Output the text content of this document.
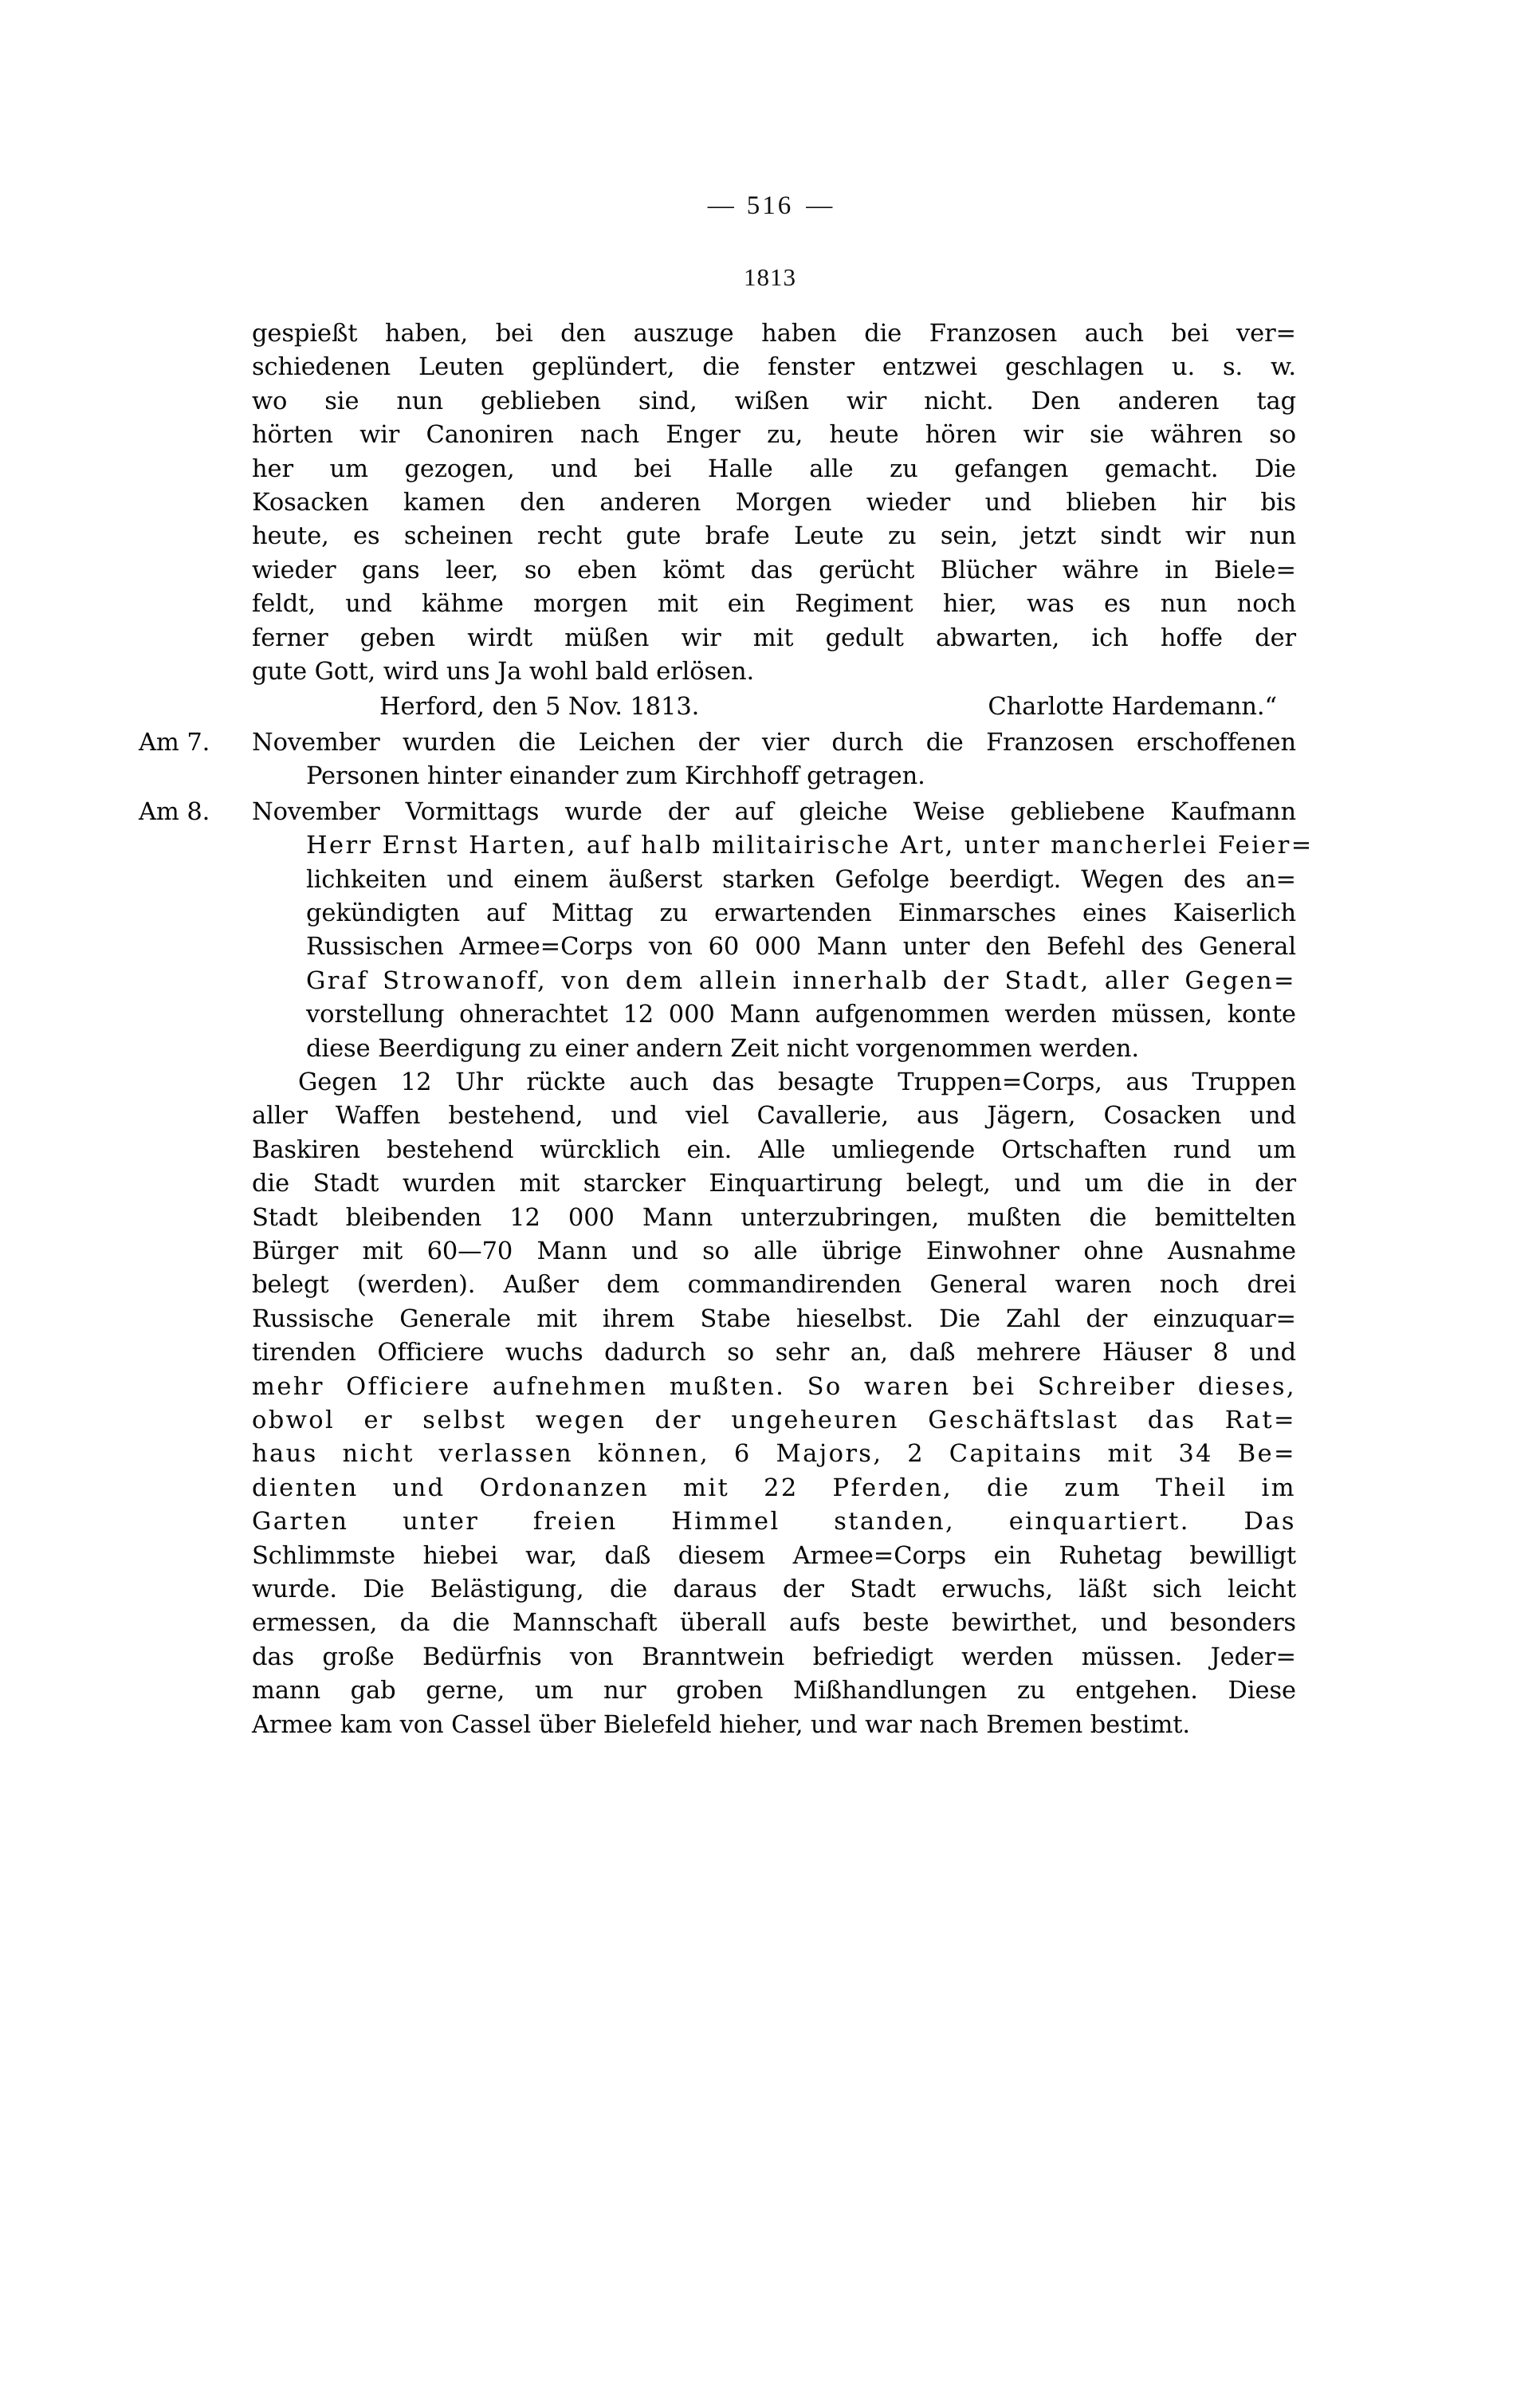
— 516 —
1813

gespießt haben, bei den auszuge haben die Franzosen auch bei ver=
schiedenen Leuten geplündert, die fenster entzwei geschlagen u. s. w.
wo sie nun geblieben sind, wißen wir nicht. Den anderen tag
hörten wir Canoniren nach Enger zu, heute hören wir sie währen so
her um gezogen, und bei Halle alle zu gefangen gemacht. Die
Kosacken kamen den anderen Morgen wieder und blieben hir bis
heute, es scheinen recht gute brafe Leute zu sein, jetzt sindt wir nun
wieder gans leer, so eben kömt das gerücht Blücher währe in Biele=
feldt, und kähme morgen mit ein Regiment hier, was es nun noch
ferner geben wirdt müßen wir mit gedult abwarten, ich hoffe der
gute Gott, wird uns Ja wohl bald erlösen.

Herford, den 5 Nov. 1813.	Charlotte Hardemann.“
Am 7. November wurden die Leichen der vier durch die Franzosen erschoffenen
Personen hinter einander zum Kirchhoff getragen.
Am 8. November Vormittags wurde der auf gleiche Weise gebliebene Kaufmann
Herr Ernst Harten, auf halb militairische Art, unter mancherlei Feier=
lichkeiten und einem äußerst starken Gefolge beerdigt. Wegen des an=
gekündigten auf Mittag zu erwartenden Einmarsches eines Kaiserlich
Russischen Armee=Corps von 60 000 Mann unter den Befehl des General
Graf Strowanoff, von dem allein innerhalb der Stadt, aller Gegen=
vorstellung ohnerachtet 12 000 Mann aufgenommen werden müssen, konte
diese Beerdigung zu einer andern Zeit nicht vorgenommen werden.

Gegen 12 Uhr rückte auch das besagte Truppen=Corps, aus Truppen
aller Waffen bestehend, und viel Cavallerie, aus Jägern, Cosacken und
Baskiren bestehend würcklich ein. Alle umliegende Ortschaften rund um
die Stadt wurden mit starcker Einquartirung belegt, und um die in der
Stadt bleibenden 12 000 Mann unterzubringen, mußten die bemittelten
Bürger mit 60—70 Mann und so alle übrige Einwohner ohne Ausnahme
belegt (werden). Außer dem commandirenden General waren noch drei
Russische Generale mit ihrem Stabe hieselbst. Die Zahl der einzuquar=
tirenden Officiere wuchs dadurch so sehr an, daß mehrere Häuser 8 und
mehr Officiere aufnehmen mußten. So waren bei Schreiber dieses,
obwol er selbst wegen der ungeheuren Geschäftslast das Rat=
haus nicht verlassen können, 6 Majors, 2 Capitains mit 34 Be=
dienten und Ordonanzen mit 22 Pferden, die zum Theil im
Garten unter freien Himmel standen, einquartiert. Das
Schlimmste hiebei war, daß diesem Armee=Corps ein Ruhetag bewilligt
wurde. Die Belästigung, die daraus der Stadt erwuchs, läßt sich leicht
ermessen, da die Mannschaft überall aufs beste bewirthet, und besonders
das große Bedürfnis von Branntwein befriedigt werden müssen. Jeder=
mann gab gerne, um nur groben Mißhandlungen zu entgehen. Diese
Armee kam von Cassel über Bielefeld hieher, und war nach Bremen bestimt.
